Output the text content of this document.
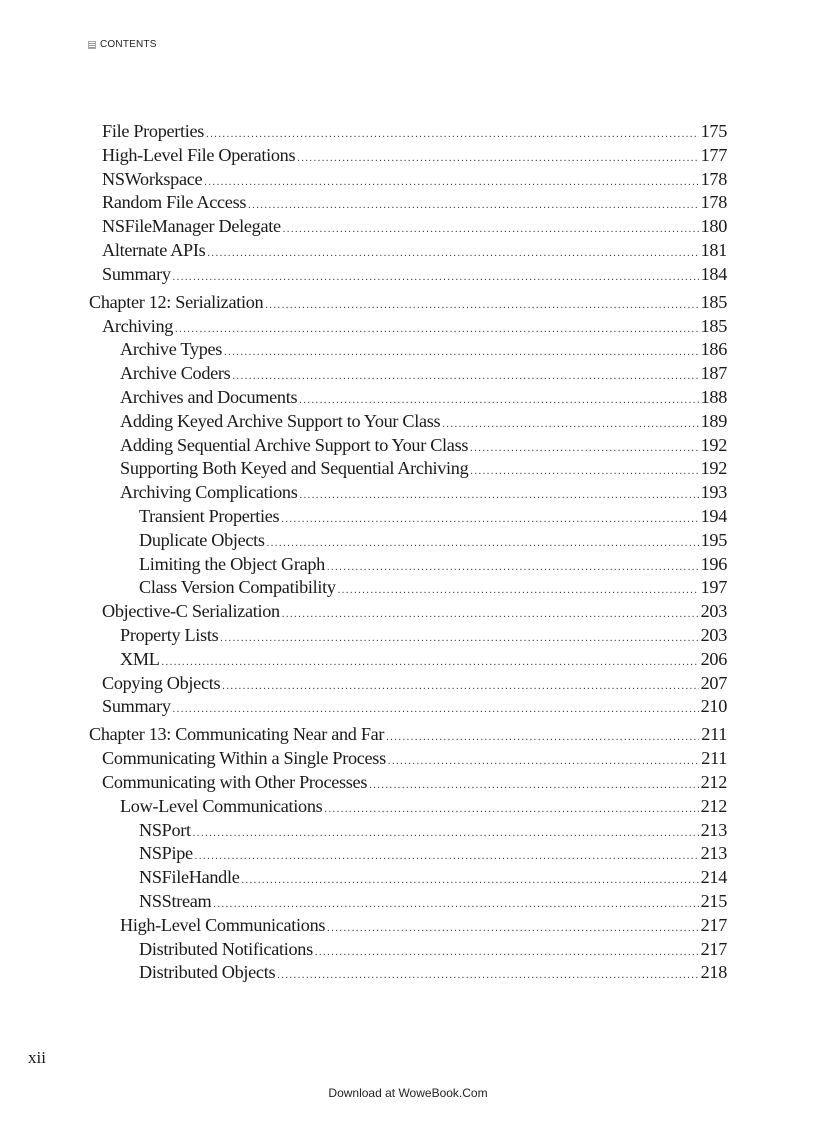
CONTENTS
File Properties .....	175
High-Level File Operations .....	177
NSWorkspace .....	178
Random File Access .....	178
NSFileManager Delegate .....	180
Alternate APIs .....	181
Summary .....	184
Chapter 12: Serialization .....	185
Archiving .....	185
Archive Types .....	186
Archive Coders .....	187
Archives and Documents .....	188
Adding Keyed Archive Support to Your Class .....	189
Adding Sequential Archive Support to Your Class .....	192
Supporting Both Keyed and Sequential Archiving .....	192
Archiving Complications .....	193
Transient Properties .....	194
Duplicate Objects .....	195
Limiting the Object Graph .....	196
Class Version Compatibility .....	197
Objective-C Serialization .....	203
Property Lists .....	203
XML .....	206
Copying Objects .....	207
Summary .....	210
Chapter 13: Communicating Near and Far .....	211
Communicating Within a Single Process .....	211
Communicating with Other Processes .....	212
Low-Level Communications .....	212
NSPort .....	213
NSPipe .....	213
NSFileHandle .....	214
NSStream .....	215
High-Level Communications .....	217
Distributed Notifications .....	217
Distributed Objects .....	218
xii
Download at WoweBook.Com
